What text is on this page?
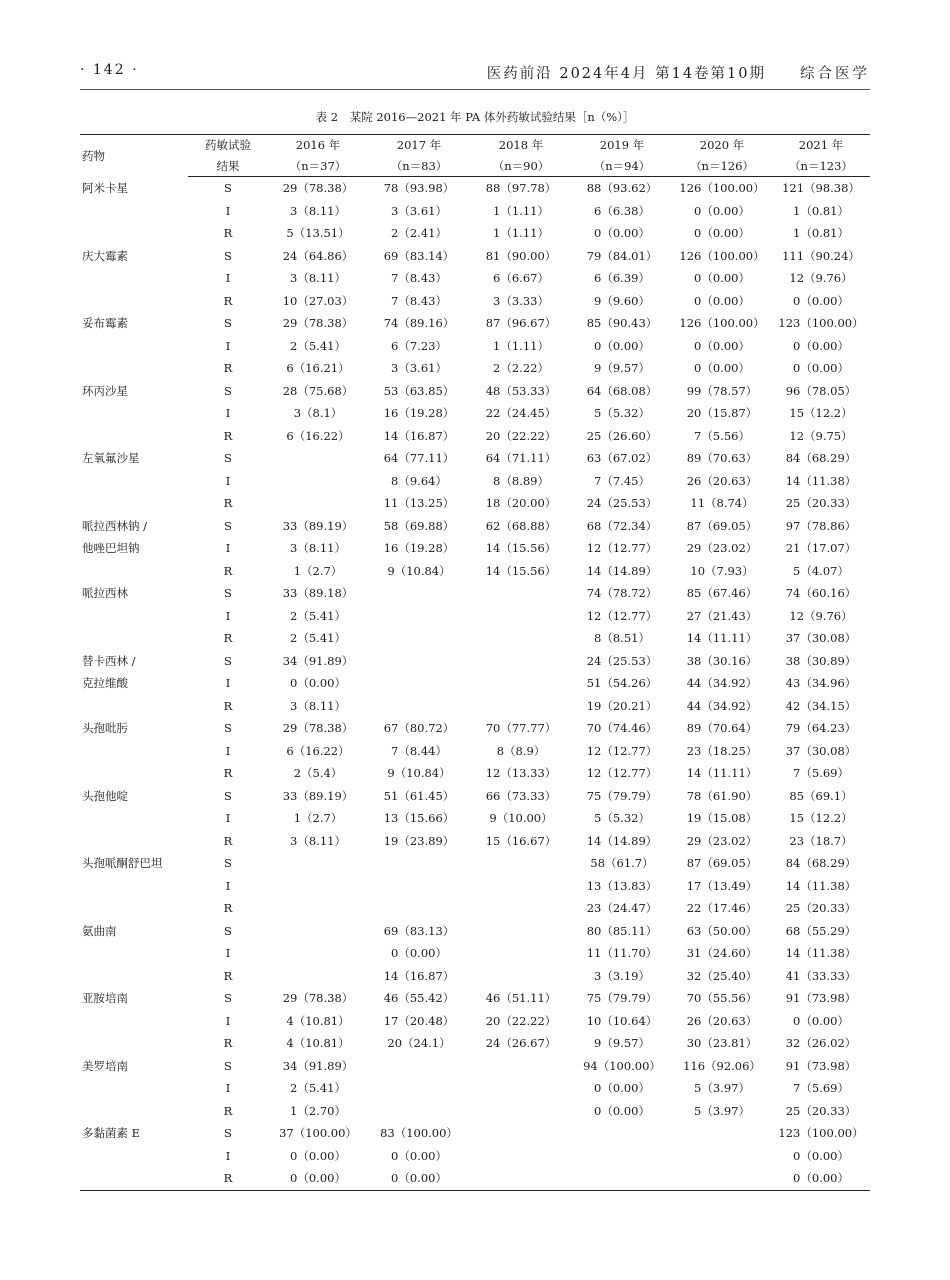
· 142 ·	医药前沿 2024年4月 第14卷第10期 综合医学
表 2 某院 2016—2021 年 PA 体外药敏试验结果［n（%）］
药物	药敏试验	2016 年	2017 年	2018 年	2019 年	2020 年	2021 年
	结果	（n＝37）	（n＝83）	（n＝90）	（n＝94）	（n＝126）	（n＝123）
阿米卡星	S	29（78.38）	78（93.98）	88（97.78）	88（93.62）	126（100.00）	121（98.38）
	I	3（8.11）	3（3.61）	1（1.11）	6（6.38）	0（0.00）	1（0.81）
	R	5（13.51）	2（2.41）	1（1.11）	0（0.00）	0（0.00）	1（0.81）
庆大霉素	S	24（64.86）	69（83.14）	81（90.00）	79（84.01）	126（100.00）	111（90.24）
	I	3（8.11）	7（8.43）	6（6.67）	6（6.39）	0（0.00）	12（9.76）
	R	10（27.03）	7（8.43）	3（3.33）	9（9.60）	0（0.00）	0（0.00）
妥布霉素	S	29（78.38）	74（89.16）	87（96.67）	85（90.43）	126（100.00）	123（100.00）
	I	2（5.41）	6（7.23）	1（1.11）	0（0.00）	0（0.00）	0（0.00）
	R	6（16.21）	3（3.61）	2（2.22）	9（9.57）	0（0.00）	0（0.00）
环丙沙星	S	28（75.68）	53（63.85）	48（53.33）	64（68.08）	99（78.57）	96（78.05）
	I	3（8.1）	16（19.28）	22（24.45）	5（5.32）	20（15.87）	15（12.2）
	R	6（16.22）	14（16.87）	20（22.22）	25（26.60）	7（5.56）	12（9.75）
左氧氟沙星	S		64（77.11）	64（71.11）	63（67.02）	89（70.63）	84（68.29）
	I		8（9.64）	8（8.89）	7（7.45）	26（20.63）	14（11.38）
	R		11（13.25）	18（20.00）	24（25.53）	11（8.74）	25（20.33）
哌拉西林钠 /	S	33（89.19）	58（69.88）	62（68.88）	68（72.34）	87（69.05）	97（78.86）
他唑巴坦钠	I	3（8.11）	16（19.28）	14（15.56）	12（12.77）	29（23.02）	21（17.07）
	R	1（2.7）	9（10.84）	14（15.56）	14（14.89）	10（7.93）	5（4.07）
哌拉西林	S	33（89.18）			74（78.72）	85（67.46）	74（60.16）
	I	2（5.41）			12（12.77）	27（21.43）	12（9.76）
	R	2（5.41）			8（8.51）	14（11.11）	37（30.08）
替卡西林 /	S	34（91.89）			24（25.53）	38（30.16）	38（30.89）
克拉维酸	I	0（0.00）			51（54.26）	44（34.92）	43（34.96）
	R	3（8.11）			19（20.21）	44（34.92）	42（34.15）
头孢吡肟	S	29（78.38）	67（80.72）	70（77.77）	70（74.46）	89（70.64）	79（64.23）
	I	6（16.22）	7（8.44）	8（8.9）	12（12.77）	23（18.25）	37（30.08）
	R	2（5.4）	9（10.84）	12（13.33）	12（12.77）	14（11.11）	7（5.69）
头孢他啶	S	33（89.19）	51（61.45）	66（73.33）	75（79.79）	78（61.90）	85（69.1）
	I	1（2.7）	13（15.66）	9（10.00）	5（5.32）	19（15.08）	15（12.2）
	R	3（8.11）	19（23.89）	15（16.67）	14（14.89）	29（23.02）	23（18.7）
头孢哌酮舒巴坦	S				58（61.7）	87（69.05）	84（68.29）
	I				13（13.83）	17（13.49）	14（11.38）
	R				23（24.47）	22（17.46）	25（20.33）
氨曲南	S		69（83.13）		80（85.11）	63（50.00）	68（55.29）
	I		0（0.00）		11（11.70）	31（24.60）	14（11.38）
	R		14（16.87）		3（3.19）	32（25.40）	41（33.33）
亚胺培南	S	29（78.38）	46（55.42）	46（51.11）	75（79.79）	70（55.56）	91（73.98）
	I	4（10.81）	17（20.48）	20（22.22）	10（10.64）	26（20.63）	0（0.00）
	R	4（10.81）	20（24.1）	24（26.67）	9（9.57）	30（23.81）	32（26.02）
美罗培南	S	34（91.89）			94（100.00）	116（92.06）	91（73.98）
	I	2（5.41）			0（0.00）	5（3.97）	7（5.69）
	R	1（2.70）			0（0.00）	5（3.97）	25（20.33）
多黏菌素 E	S	37（100.00）	83（100.00）				123（100.00）
	I	0（0.00）	0（0.00）				0（0.00）
	R	0（0.00）	0（0.00）				0（0.00）
